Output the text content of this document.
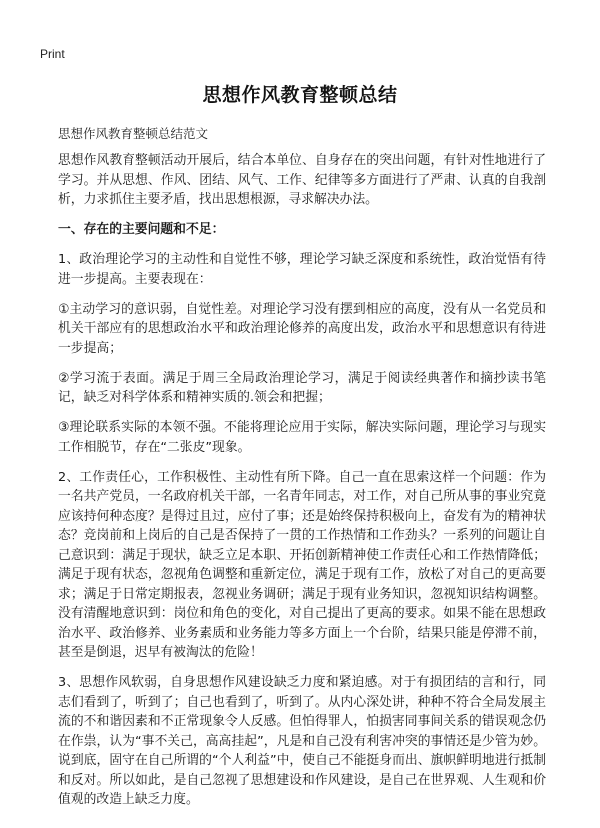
Print
思想作风教育整顿总结
思想作风教育整顿总结范文

思想作风教育整顿活动开展后，结合本单位、自身存在的突出问题，有针对性地进行了学习。并从思想、作风、团结、风气、工作、纪律等多方面进行了严肃、认真的自我剖析，力求抓住主要矛盾，找出思想根源，寻求解决办法。

一、存在的主要问题和不足：

1、政治理论学习的主动性和自觉性不够，理论学习缺乏深度和系统性，政治觉悟有待进一步提高。主要表现在：

①主动学习的意识弱，自觉性差。对理论学习没有摆到相应的高度，没有从一名党员和机关干部应有的思想政治水平和政治理论修养的高度出发，政治水平和思想意识有待进一步提高；

②学习流于表面。满足于周三全局政治理论学习，满足于阅读经典著作和摘抄读书笔记，缺乏对科学体系和精神实质的.领会和把握；

③理论联系实际的本领不强。不能将理论应用于实际，解决实际问题，理论学习与现实工作相脱节，存在“二张皮”现象。

2、工作责任心，工作积极性、主动性有所下降。自己一直在思索这样一个问题：作为一名共产党员，一名政府机关干部，一名青年同志，对工作，对自己所从事的事业究竟应该持何种态度？是得过且过，应付了事；还是始终保持积极向上，奋发有为的精神状态？竞岗前和上岗后的自己是否保持了一贯的工作热情和工作劲头？一系列的问题让自己意识到：满足于现状，缺乏立足本职、开拓创新精神使工作责任心和工作热情降低；满足于现有状态，忽视角色调整和重新定位，满足于现有工作，放松了对自己的更高要求；满足于日常定期报表，忽视业务调研；满足于现有业务知识，忽视知识结构调整。没有清醒地意识到：岗位和角色的变化，对自己提出了更高的要求。如果不能在思想政治水平、政治修养、业务素质和业务能力等多方面上一个台阶，结果只能是停滞不前，甚至是倒退，迟早有被淘汰的危险！

3、思想作风软弱，自身思想作风建设缺乏力度和紧迫感。对于有损团结的言和行，同志们看到了，听到了；自己也看到了，听到了。从内心深处讲，种种不符合全局发展主流的不和谐因素和不正常现象令人反感。但怕得罪人，怕损害同事间关系的错误观念仍在作祟，认为“事不关己，高高挂起”，凡是和自己没有利害冲突的事情还是少管为妙。说到底，固守在自己所谓的“个人利益”中，使自己不能挺身而出、旗帜鲜明地进行抵制和反对。所以如此，是自己忽视了思想建设和作风建设，是自己在世界观、人生观和价值观的改造上缺乏力度。
